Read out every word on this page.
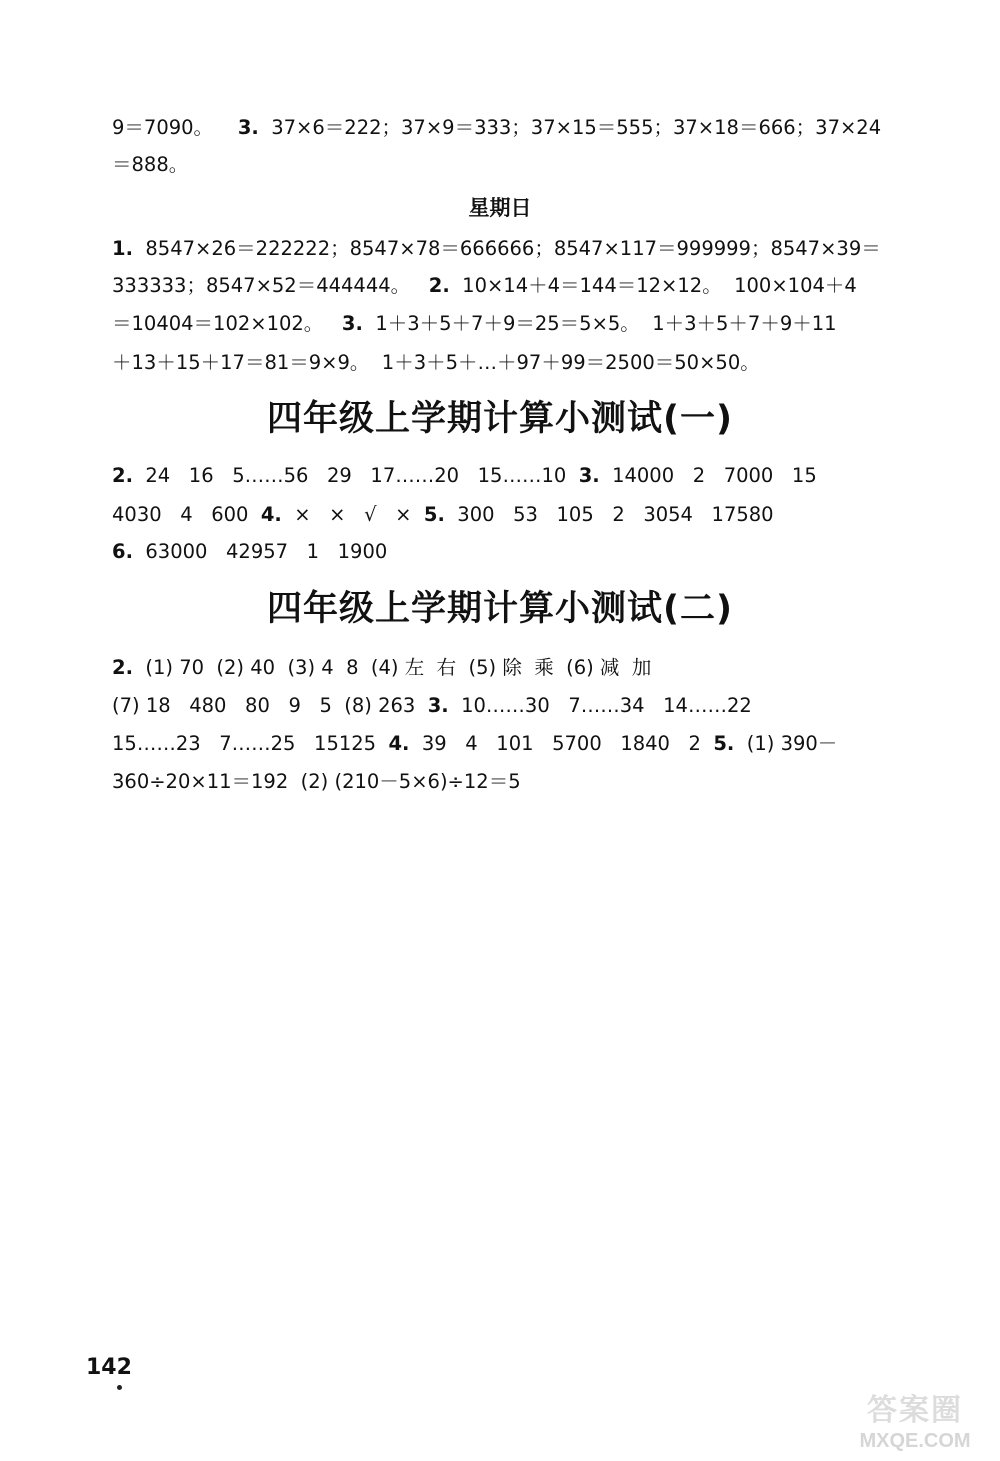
9＝7090。 3. 37×6＝222；37×9＝333；37×15＝555；37×18＝666；37×24
＝888。
星期日
1. 8547×26＝222222；8547×78＝666666；8547×117＝999999；8547×39＝
333333；8547×52＝444444。 2. 10×14＋4＝144＝12×12。  100×104＋4
＝10404＝102×102。 3. 1＋3＋5＋7＋9＝25＝5×5。  1＋3＋5＋7＋9＋11
＋13＋15＋17＝81＝9×9。  1＋3＋5＋…＋97＋99＝2500＝50×50。
四年级上学期计算小测试(一)
2. 24   16   5……56   29   17……20   15……10  3. 14000   2   7000   15
4030   4   600  4. ×   ×   √   ×  5. 300   53   105   2   3054   17580
6. 63000   42957   1   1900
四年级上学期计算小测试(二)
2. (1) 70  (2) 40  (3) 4  8  (4) 左  右  (5) 除  乘  (6) 减  加
(7) 18   480   80   9   5  (8) 263  3. 10……30   7……34   14……22
15……23   7……25   15125  4. 39   4   101   5700   1840   2  5. (1) 390－
360÷20×11＝192  (2) (210－5×6)÷12＝5
142
答案圈
MXQE.COM
